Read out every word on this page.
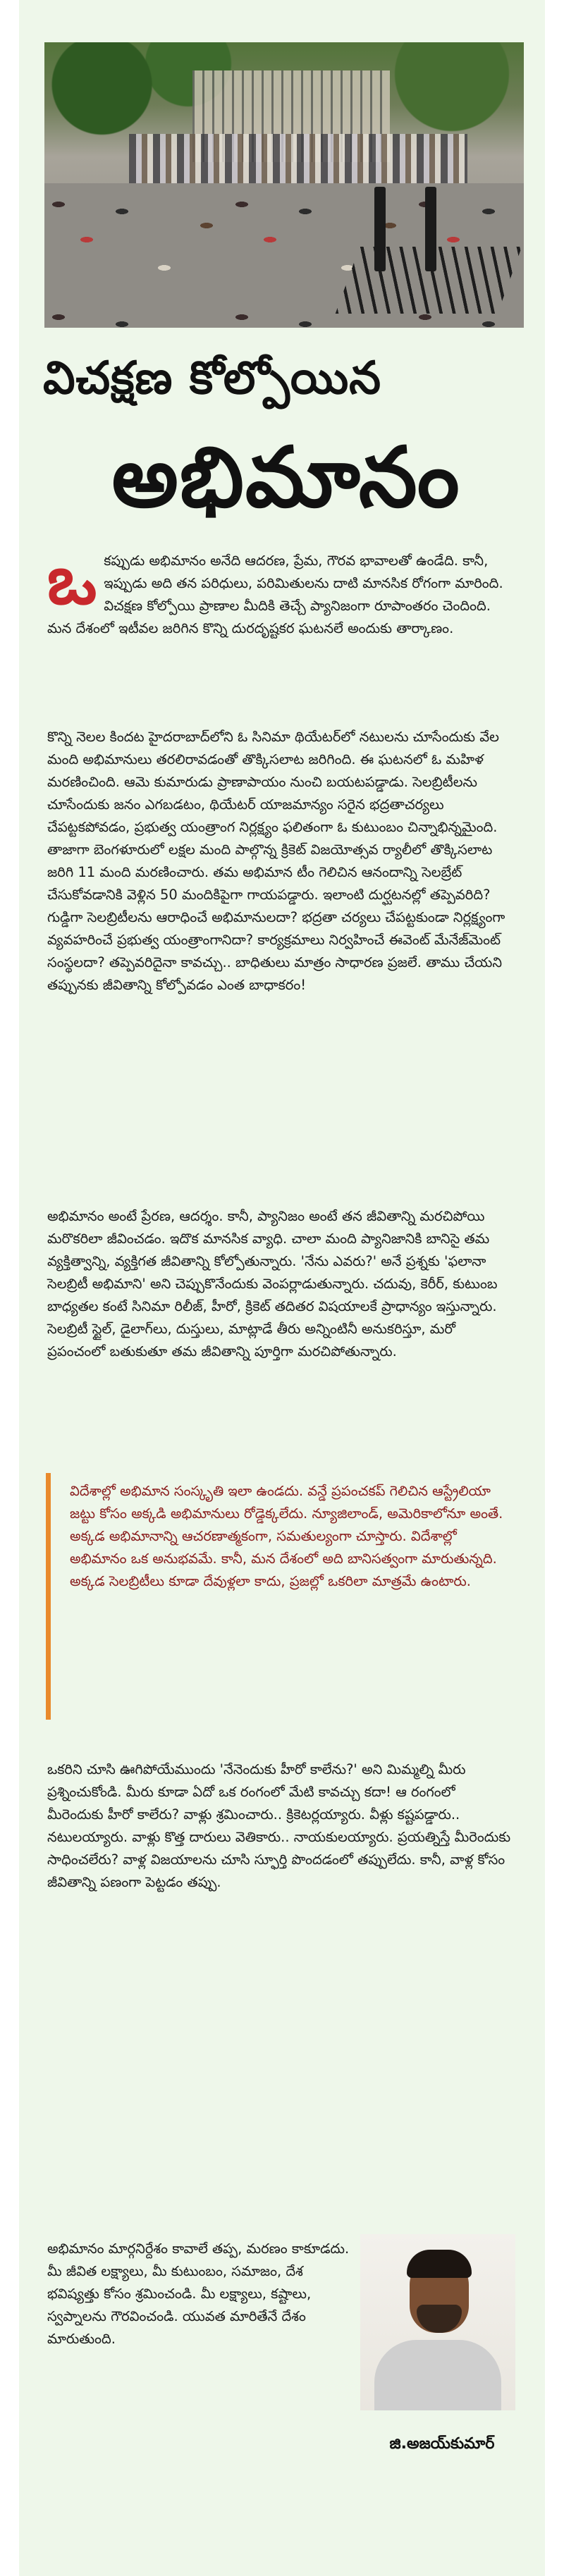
విచక్షణ కోల్పోయిన
అభిమానం
ఒ కప్పుడు అభిమానం అనేది ఆదరణ, ప్రేమ, గౌరవ భావాలతో ఉండేది. కానీ, ఇప్పుడు అది తన పరిధులు, పరిమితులను దాటి మానసిక రోగంగా మారింది. విచక్షణ కోల్పోయి ప్రాణాల మీదికి తెచ్చే ప్యానిజంగా రూపాంతరం చెందింది. మన దేశంలో ఇటీవల జరిగిన కొన్ని దురదృష్టకర ఘటనలే అందుకు తార్కాణం.
కొన్ని నెలల కిందట హైదరాబాద్‌లోని ఓ సినిమా థియేటర్‌లో నటులను చూసేందుకు వేల మంది అభిమానులు తరలిరావడంతో తొక్కిసలాట జరిగింది. ఈ ఘటనలో ఓ మహిళ మరణించింది. ఆమె కుమారుడు ప్రాణాపాయం నుంచి బయటపడ్డాడు. సెలబ్రిటీలను చూసేందుకు జనం ఎగబడటం, థియేటర్ యాజమాన్యం సరైన భద్రతాచర్యలు చేపట్టకపోవడం, ప్రభుత్వ యంత్రాంగ నిర్లక్ష్యం ఫలితంగా ఓ కుటుంబం చిన్నాభిన్నమైంది. తాజాగా బెంగళూరులో లక్షల మంది పాల్గొన్న క్రికెట్ విజయోత్సవ ర్యాలీలో తొక్కిసలాట జరిగి 11 మంది మరణించారు. తమ అభిమాన టీం గెలిచిన ఆనందాన్ని సెలబ్రేట్ చేసుకోవడానికి వెళ్లిన 50 మందికిపైగా గాయపడ్డారు. ఇలాంటి దుర్ఘటనల్లో తప్పెవరిది? గుడ్డిగా సెలబ్రిటీలను ఆరాధించే అభిమానులదా? భద్రతా చర్యలు చేపట్టకుండా నిర్లక్ష్యంగా వ్యవహరించే ప్రభుత్వ యంత్రాంగానిదా? కార్యక్రమాలు నిర్వహించే ఈవెంట్ మేనేజ్‌మెంట్ సంస్థలదా? తప్పెవరిదైనా కావచ్చు.. బాధితులు మాత్రం సాధారణ ప్రజలే. తాము చేయని తప్పునకు జీవితాన్ని కోల్పోవడం ఎంత బాధాకరం!
అభిమానం అంటే ప్రేరణ, ఆదర్శం. కానీ, ప్యానిజం అంటే తన జీవితాన్ని మరచిపోయి మరొకరిలా జీవించడం. ఇదొక మానసిక వ్యాధి. చాలా మంది ప్యానిజానికి బానిసై తమ వ్యక్తిత్వాన్ని, వ్యక్తిగత జీవితాన్ని కోల్పోతున్నారు. 'నేను ఎవరు?' అనే ప్రశ్నకు 'ఫలానా సెలబ్రిటీ అభిమాని' అని చెప్పుకొనేందుకు వెంపర్లాడుతున్నారు. చదువు, కెరీర్, కుటుంబ బాధ్యతల కంటే సినిమా రిలీజ్, హీరో, క్రికెట్ తదితర విషయాలకే ప్రాధాన్యం ఇస్తున్నారు. సెలబ్రిటీ స్టైల్, డైలాగ్‌లు, దుస్తులు, మాట్లాడే తీరు అన్నింటినీ అనుకరిస్తూ, మరో ప్రపంచంలో బతుకుతూ తమ జీవితాన్ని పూర్తిగా మరచిపోతున్నారు.
విదేశాల్లో అభిమాన సంస్కృతి ఇలా ఉండదు. వన్డే ప్రపంచకప్ గెలిచిన ఆస్ట్రేలియా జట్టు కోసం అక్కడి అభిమానులు రోడ్డెక్కలేదు. న్యూజిలాండ్, అమెరికాలోనూ అంతే. అక్కడ అభిమానాన్ని ఆచరణాత్మకంగా, సమతుల్యంగా చూస్తారు. విదేశాల్లో అభిమానం ఒక అనుభవమే. కానీ, మన దేశంలో అది బానిసత్వంగా మారుతున్నది. అక్కడ సెలబ్రిటీలు కూడా దేవుళ్లలా కాదు, ప్రజల్లో ఒకరిలా మాత్రమే ఉంటారు.
ఒకరిని చూసి ఊగిపోయేముందు 'నేనెందుకు హీరో కాలేను?' అని మిమ్మల్ని మీరు ప్రశ్నించుకోండి. మీరు కూడా ఏదో ఒక రంగంలో మేటి కావచ్చు కదా! ఆ రంగంలో మీరెందుకు హీరో కాలేరు? వాళ్లు శ్రమించారు.. క్రికెటర్లయ్యారు. వీళ్లు కష్టపడ్డారు.. నటులయ్యారు. వాళ్లు కొత్త దారులు వెతికారు.. నాయకులయ్యారు. ప్రయత్నిస్తే మీరెందుకు సాధించలేరు? వాళ్ల విజయాలను చూసి స్ఫూర్తి పొందడంలో తప్పులేదు. కానీ, వాళ్ల కోసం జీవితాన్ని పణంగా పెట్టడం తప్పు.
అభిమానం మార్గనిర్దేశం కావాలే తప్ప, మరణం కాకూడదు. మీ జీవిత లక్ష్యాలు, మీ కుటుంబం, సమాజం, దేశ భవిష్యత్తు కోసం శ్రమించండి. మీ లక్ష్యాలు, కష్టాలు, స్వప్నాలను గౌరవించండి. యువత మారితేనే దేశం మారుతుంది.
జి.అజయ్‌కుమార్
